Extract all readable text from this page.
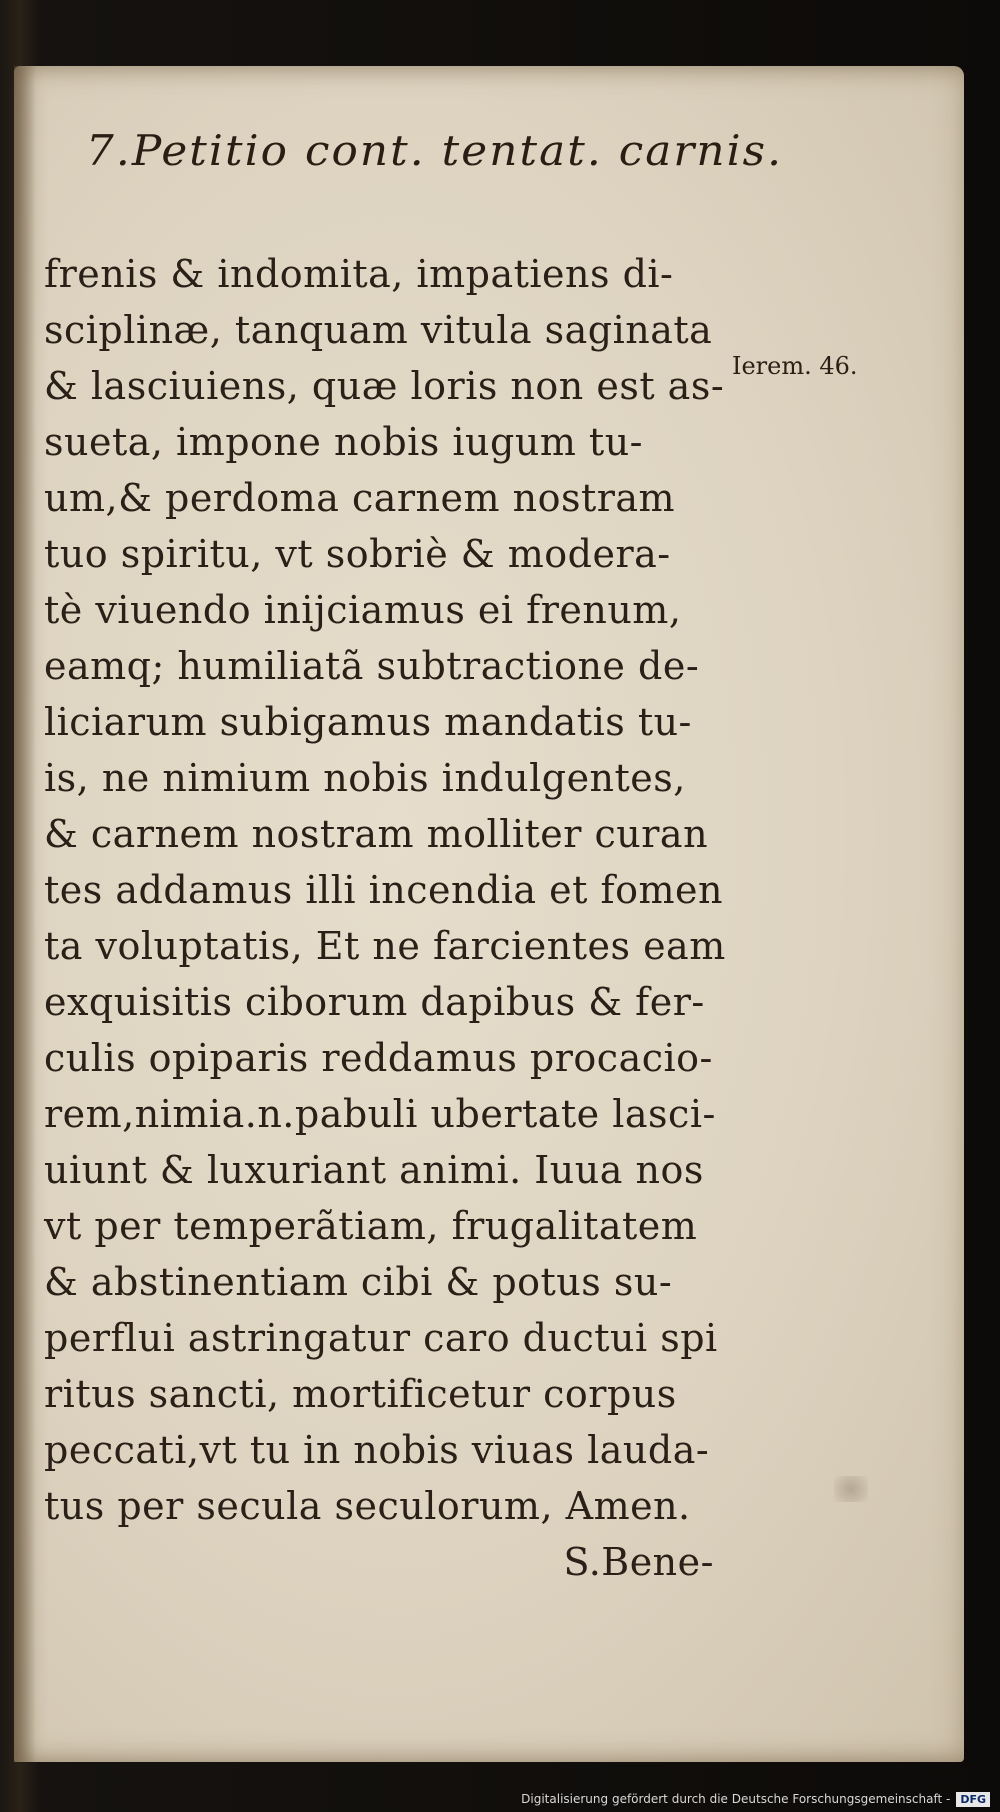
7.Petitio cont. tentat. carnis.
Ierem. 46.
frenis & indomita, impatiens di-
sciplinæ, tanquam vitula saginata
& lasciuiens, quæ loris non est as-
sueta, impone nobis iugum tu-
um,& perdoma carnem nostram
tuo spiritu, vt sobriè & modera-
tè viuendo inijciamus ei frenum,
eamq; humiliatã subtractione de-
liciarum subigamus mandatis tu-
is, ne nimium nobis indulgentes,
& carnem nostram molliter curan
tes addamus illi incendia et fomen
ta voluptatis, Et ne farcientes eam
exquisitis ciborum dapibus & fer-
culis opiparis reddamus procacio-
rem,nimia.n.pabuli ubertate lasci-
uiunt & luxuriant animi. Iuua nos
vt per temperãtiam, frugalitatem
& abstinentiam cibi & potus su-
perflui astringatur caro ductui spi
ritus sancti, mortificetur corpus
peccati,vt tu in nobis viuas lauda-
tus per secula seculorum, Amen.
S.Bene-
Digitalisierung gefördert durch die Deutsche Forschungsgemeinschaft - DFG
